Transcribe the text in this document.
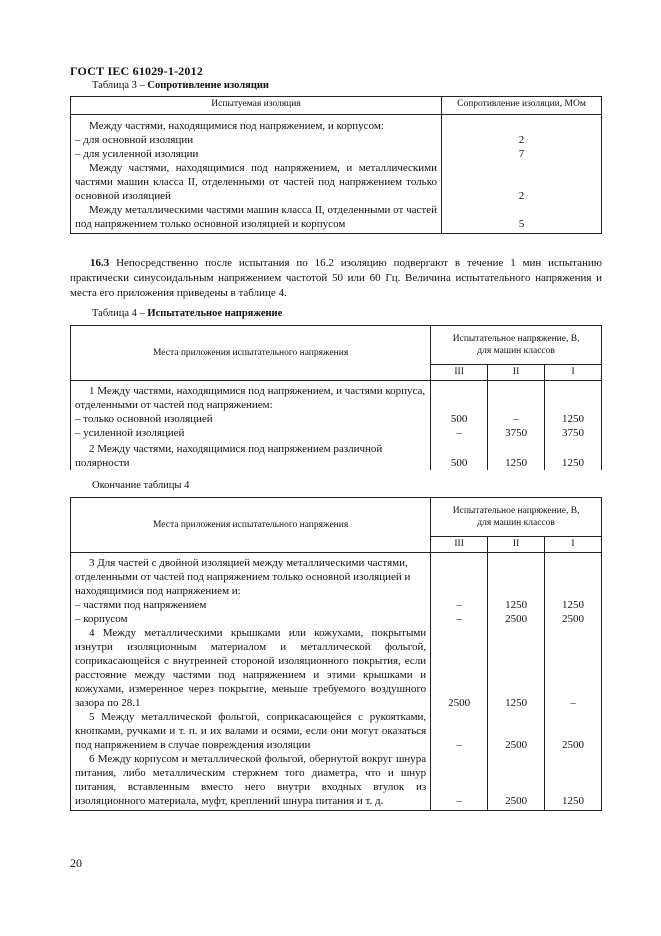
ГОСТ IEC 61029-1-2012
Таблица 3 – Сопротивление изоляции
Испытуемая изоляция	Сопротивление изоляции, МОм
Между частями, находящимися под напряжением, и корпусом:	
– для основной изоляции	2
– для усиленной изоляции	7
Между частями, находящимися под напряжением, и металлическими частями машин класса II, отделенными от частей под напряжением только основной изоляцией	2
Между металлическими частями машин класса II, отделенными от частей под напряжением только основной изоляцией и корпусом	5

16.3 Непосредственно после испытания по 16.2 изоляцию подвергают в течение 1 мин испытанию практически синусоидальным напряжением частотой 50 или 60 Гц. Величина испытательного напряжения и места его приложения приведены в таблице 4.

Таблица 4 – Испытательное напряжение
Места приложения испытательного напряжения	Испытательное напряжение, В, для машин классов		
	III	II	I
1 Между частями, находящимися под напряжением, и частями корпуса, отделенными от частей под напряжением:			
– только основной изоляцией	500	–	1250
– усиленной изоляцией	–	3750	3750
2 Между частями, находящимися под напряжением различной полярности	500	1250	1250
Окончание таблицы 4
Места приложения испытательного напряжения	Испытательное напряжение, В, для машин классов		
	III	II	I
3 Для частей с двойной изоляцией между металлическими частями, отделенными от частей под напряжением только основной изоляцией и находящимися под напряжением и:			
– частями под напряжением	–	1250	1250
– корпусом	–	2500	2500
4 Между металлическими крышками или кожухами, покрытыми изнутри изоляционным материалом и металлической фольгой, соприкасающейся с внутренней стороной изоляционного покрытия, если расстояние между частями под напряжением и этими крышками и кожухами, измеренное через покрытие, меньше требуемого воздушного зазора по 28.1	2500	1250	–
5 Между металлической фольгой, соприкасающейся с рукоятками, кнопками, ручками и т. п. и их валами и осями, если они могут оказаться под напряжением в случае повреждения изоляции	–	2500	2500
6 Между корпусом и металлической фольгой, обернутой вокруг шнура питания, либо металлическим стержнем того диаметра, что и шнур питания, вставленным вместо него внутри входных втулок из изоляционного материала, муфт, креплений шнура питания и т. д.	–	2500	1250
20
